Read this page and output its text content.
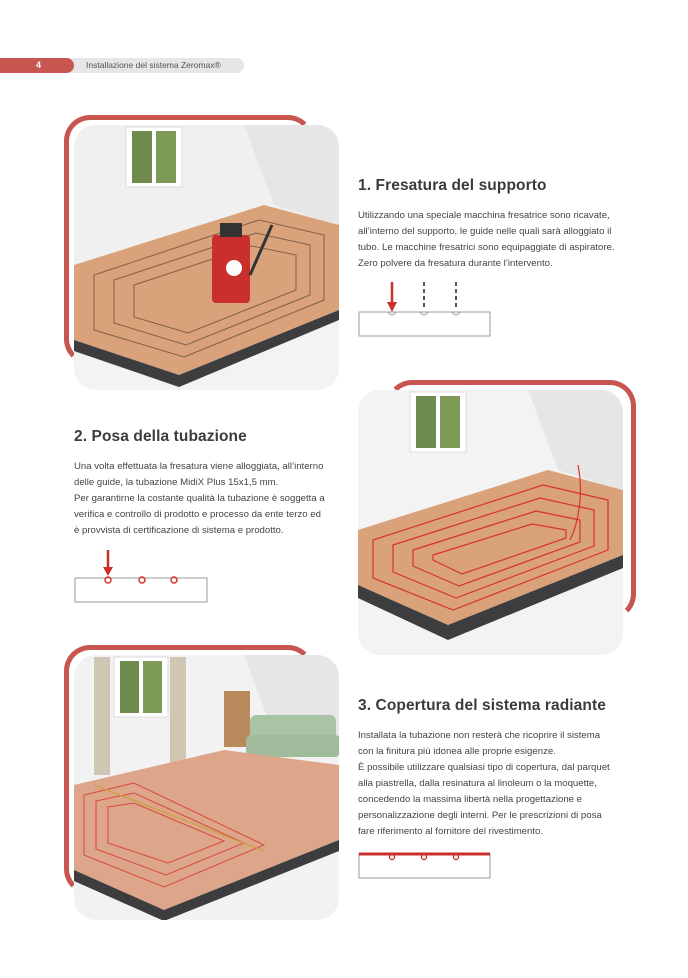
4	Installazione del sistema Zeromax®
1. Fresatura del supporto
Utilizzando una speciale macchina fresatrice sono ricavate,
all’interno del supporto, le guide nelle quali sarà alloggiato il
tubo. Le macchine fresatrici sono equipaggiate di aspiratore.
Zero polvere da fresatura durante l’intervento.
2. Posa della tubazione
Una volta effettuata la fresatura viene alloggiata, all’interno
delle guide, la tubazione MidiX Plus 15x1,5 mm.
Per garantirne la costante qualità la tubazione è soggetta a
verifica e controllo di prodotto e processo da ente terzo ed
è provvista di certificazione di sistema e prodotto.
3. Copertura del sistema radiante
Installata la tubazione non resterà che ricoprire il sistema
con la finitura più idonea alle proprie esigenze.
È possibile utilizzare qualsiasi tipo di copertura, dal parquet
alla piastrella, dalla resinatura al linoleum o la moquette,
concedendo la massima libertà nella progettazione e
personalizzazione degli interni. Per le prescrizioni di posa
fare riferimento al fornitore del rivestimento.
